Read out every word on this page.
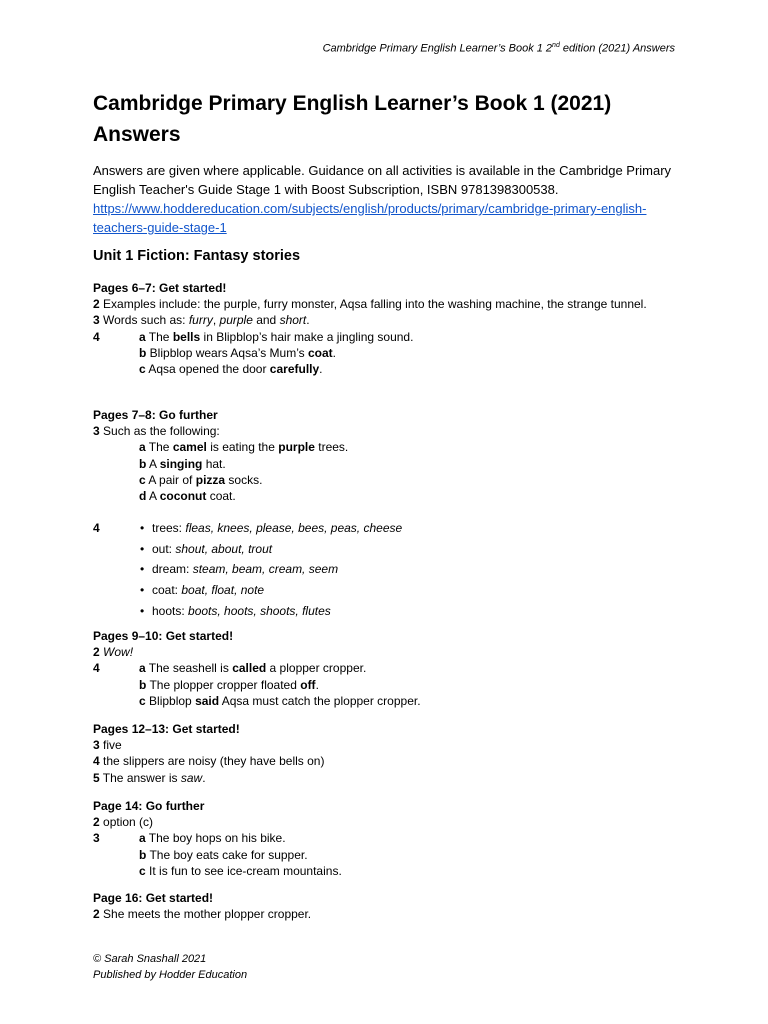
Cambridge Primary English Learner’s Book 1 2nd edition (2021) Answers
Cambridge Primary English Learner’s Book 1 (2021) Answers
Answers are given where applicable. Guidance on all activities is available in the Cambridge Primary English Teacher's Guide Stage 1 with Boost Subscription, ISBN 9781398300538.
https://www.hoddereducation.com/subjects/english/products/primary/cambridge-primary-english-teachers-guide-stage-1
Unit 1 Fiction: Fantasy stories
Pages 6–7: Get started!
2 Examples include: the purple, furry monster, Aqsa falling into the washing machine, the strange tunnel.
3 Words such as: furry, purple and short.
4	a The bells in Blipblop’s hair make a jingling sound.
b Blipblop wears Aqsa’s Mum’s coat.
c Aqsa opened the door carefully.
Pages 7–8: Go further
3 Such as the following:
a The camel is eating the purple trees.
b A singing hat.
c A pair of pizza socks.
d A coconut coat.
4	• trees: fleas, knees, please, bees, peas, cheese
• out: shout, about, trout
• dream: steam, beam, cream, seem
• coat: boat, float, note
• hoots: boots, hoots, shoots, flutes
Pages 9–10: Get started!
2 Wow!
4	a The seashell is called a plopper cropper.
b The plopper cropper floated off.
c Blipblop said Aqsa must catch the plopper cropper.
Pages 12–13: Get started!
3 five
4 the slippers are noisy (they have bells on)
5 The answer is saw.
Page 14: Go further
2 option (c)
3	a The boy hops on his bike.
b The boy eats cake for supper.
c It is fun to see ice-cream mountains.
Page 16: Get started!
2 She meets the mother plopper cropper.
© Sarah Snashall 2021
Published by Hodder Education
